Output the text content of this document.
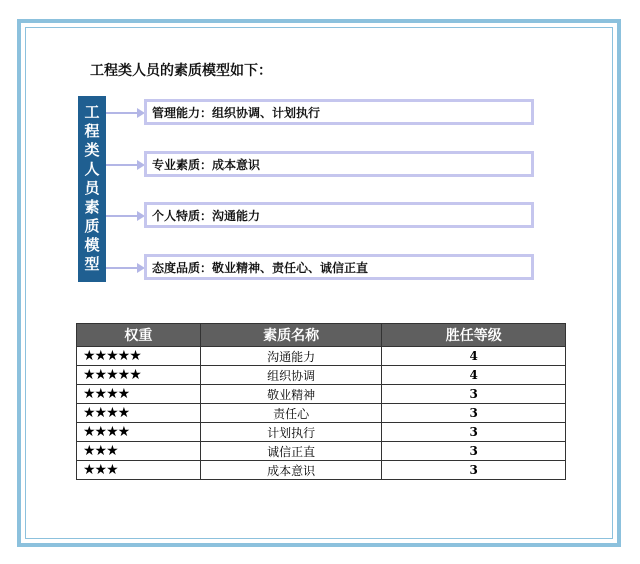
工程类人员的素质模型如下：
工程类人员素质模型	管理能力： 组织协调、计划执行
专业素质： 成本意识
个人特质： 沟通能力
态度品质： 敬业精神、责任心、诚信正直
权重	素质名称	胜任等级
★★★★★	沟通能力	4
★★★★★	组织协调	4
★★★★	敬业精神	3
★★★★	责任心	3
★★★★	计划执行	3
★★★	诚信正直	3
★★★	成本意识	3
